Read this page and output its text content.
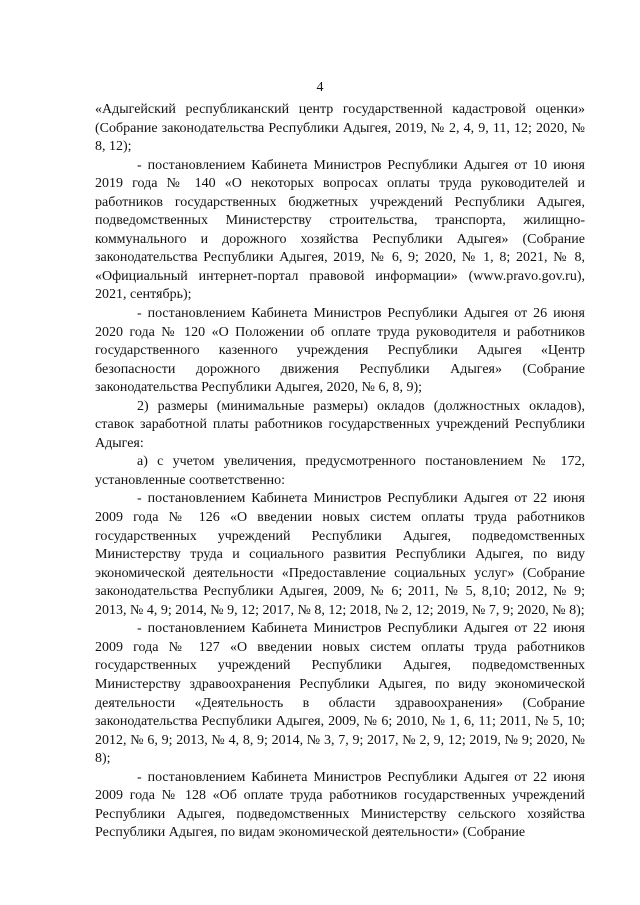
4

«Адыгейский республиканский центр государственной кадастровой оценки» (Собрание законодательства Республики Адыгея, 2019, № 2, 4, 9, 11, 12; 2020, № 8, 12);

- постановлением Кабинета Министров Республики Адыгея от 10 июня 2019 года № 140 «О некоторых вопросах оплаты труда руководителей и работников государственных бюджетных учреждений Республики Адыгея, подведомственных Министерству строительства, транспорта, жилищно-коммунального и дорожного хозяйства Республики Адыгея» (Собрание законодательства Республики Адыгея, 2019, № 6, 9; 2020, № 1, 8; 2021, № 8, «Официальный интернет-портал правовой информации» (www.pravo.gov.ru), 2021, сентябрь);

- постановлением Кабинета Министров Республики Адыгея от 26 июня 2020 года № 120 «О Положении об оплате труда руководителя и работников государственного казенного учреждения Республики Адыгея «Центр безопасности дорожного движения Республики Адыгея» (Собрание законодательства Республики Адыгея, 2020, № 6, 8, 9);

2) размеры (минимальные размеры) окладов (должностных окладов), ставок заработной платы работников государственных учреждений Республики Адыгея:

а) с учетом увеличения, предусмотренного постановлением № 172, установленные соответственно:

- постановлением Кабинета Министров Республики Адыгея от 22 июня 2009 года № 126 «О введении новых систем оплаты труда работников государственных учреждений Республики Адыгея, подведомственных Министерству труда и социального развития Республики Адыгея, по виду экономической деятельности «Предоставление социальных услуг» (Собрание законодательства Республики Адыгея, 2009, № 6; 2011, № 5, 8,10; 2012, № 9; 2013, № 4, 9; 2014, № 9, 12; 2017, № 8, 12; 2018, № 2, 12; 2019, № 7, 9; 2020, № 8);

- постановлением Кабинета Министров Республики Адыгея от 22 июня 2009 года № 127 «О введении новых систем оплаты труда работников государственных учреждений Республики Адыгея, подведомственных Министерству здравоохранения Республики Адыгея, по виду экономической деятельности «Деятельность в области здравоохранения» (Собрание законодательства Республики Адыгея, 2009, № 6; 2010, № 1, 6, 11; 2011, № 5, 10; 2012, № 6, 9; 2013, № 4, 8, 9; 2014, № 3, 7, 9; 2017, № 2, 9, 12; 2019, № 9; 2020, № 8);

- постановлением Кабинета Министров Республики Адыгея от 22 июня 2009 года № 128 «Об оплате труда работников государственных учреждений Республики Адыгея, подведомственных Министерству сельского хозяйства Республики Адыгея, по видам экономической деятельности» (Собрание
